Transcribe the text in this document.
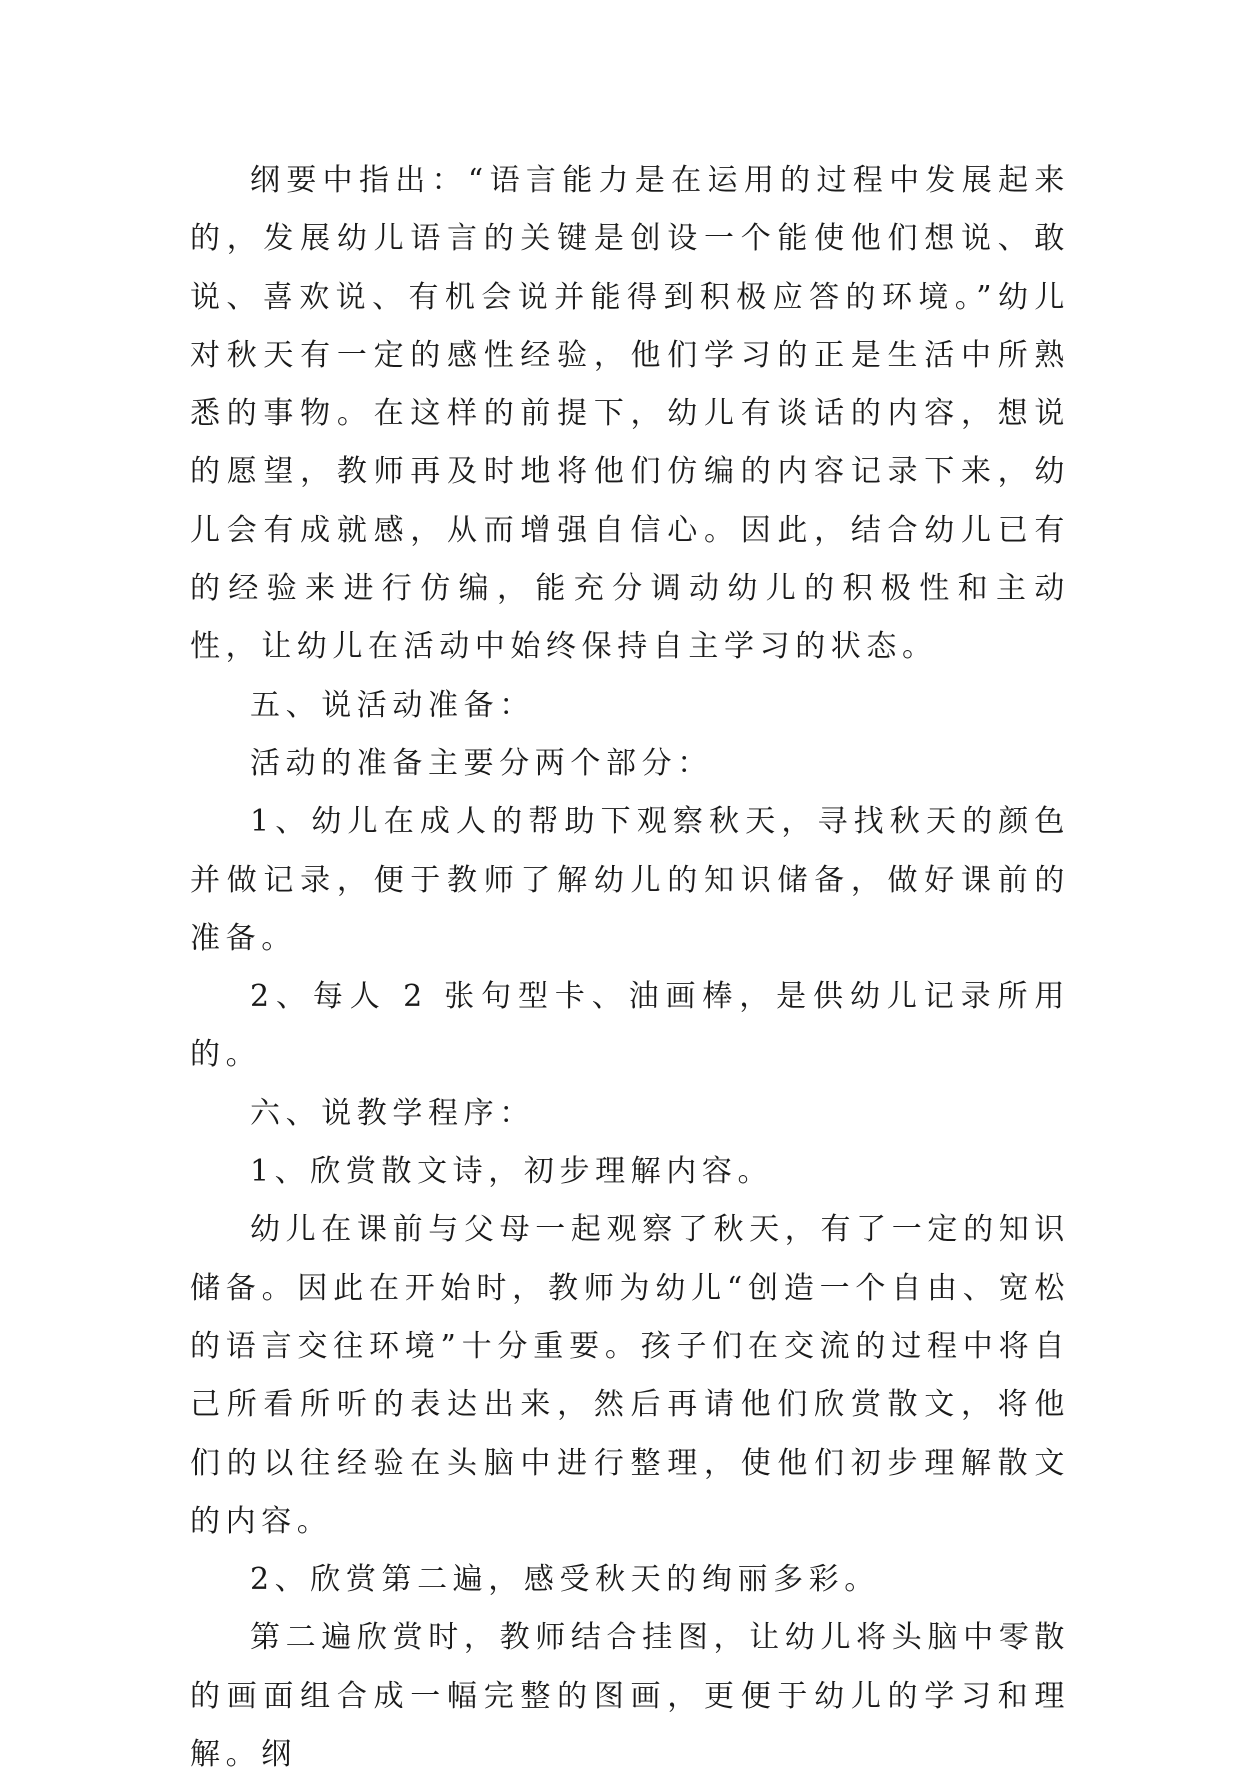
纲要中指出：“语言能力是在运用的过程中发展起来的，发展幼儿语言的关键是创设一个能使他们想说、敢说、喜欢说、有机会说并能得到积极应答的环境。”幼儿对秋天有一定的感性经验，他们学习的正是生活中所熟悉的事物。在这样的前提下，幼儿有谈话的内容，想说的愿望，教师再及时地将他们仿编的内容记录下来，幼儿会有成就感，从而增强自信心。因此，结合幼儿已有的经验来进行仿编，能充分调动幼儿的积极性和主动性，让幼儿在活动中始终保持自主学习的状态。

五、说活动准备：

活动的准备主要分两个部分：

1、幼儿在成人的帮助下观察秋天，寻找秋天的颜色并做记录，便于教师了解幼儿的知识储备，做好课前的准备。

2、每人 2 张句型卡、油画棒，是供幼儿记录所用的。

六、说教学程序：

1、欣赏散文诗，初步理解内容。

幼儿在课前与父母一起观察了秋天，有了一定的知识储备。因此在开始时，教师为幼儿“创造一个自由、宽松的语言交往环境”十分重要。孩子们在交流的过程中将自己所看所听的表达出来，然后再请他们欣赏散文，将他们的以往经验在头脑中进行整理，使他们初步理解散文的内容。

2、欣赏第二遍，感受秋天的绚丽多彩。

第二遍欣赏时，教师结合挂图，让幼儿将头脑中零散的画面组合成一幅完整的图画，更便于幼儿的学习和理解。纲
